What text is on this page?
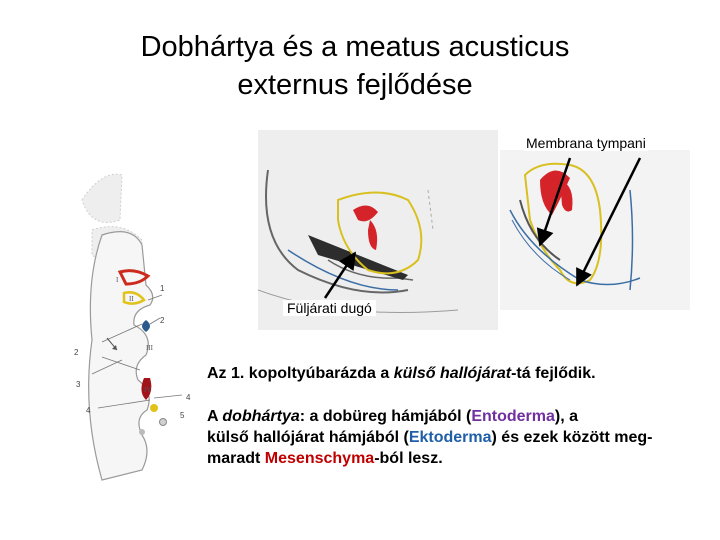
Dobhártya és a meatus acusticus
externus fejlődése
1
2
2
3
4
4
5
I
II
III
IV
Membrana tympani
Füljárati dugó
Az 1. kopoltyúbarázda a külső hallójárat-tá fejlődik.
A dobhártya: a dobüreg hámjából (Entoderma), a
külső hallójárat hámjából (Ektoderma) és ezek között meg-
maradt Mesenschyma-ból lesz.
